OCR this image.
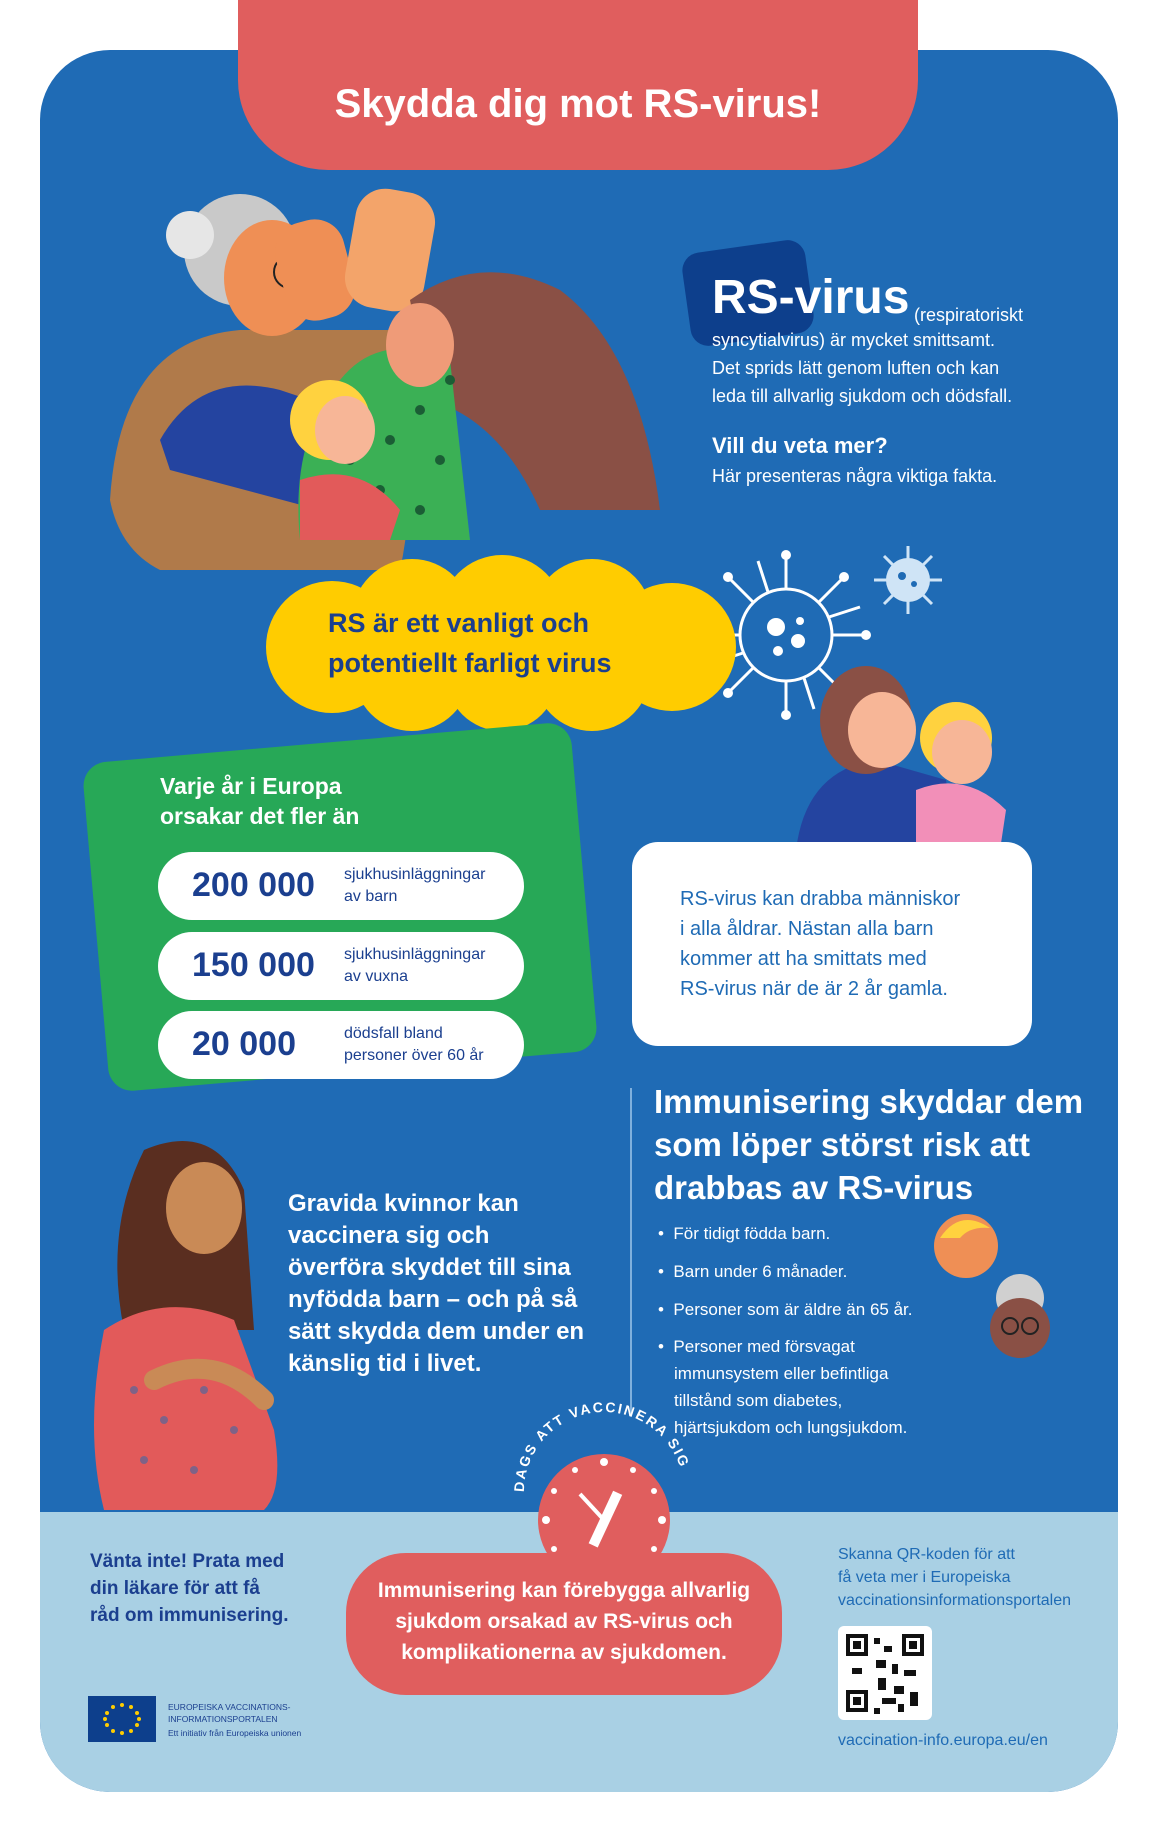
Skydda dig mot RS-virus!
RS-virus (respiratoriskt
syncytialvirus) är mycket smittsamt.
Det sprids lätt genom luften och kan
leda till allvarlig sjukdom och dödsfall.
Vill du veta mer?
Här presenteras några viktiga fakta.
RS är ett vanligt och
potentiellt farligt virus
Varje år i Europa
orsakar det fler än
200 000 sjukhusinläggningar
av barn
150 000 sjukhusinläggningar
av vuxna
20 000	dödsfall bland
personer över 60 år
RS-virus kan drabba människor
i alla åldrar. Nästan alla barn
kommer att ha smittats med
RS-virus när de är 2 år gamla.
Immunisering skyddar dem
som löper störst risk att
drabbas av RS-virus
•  För tidigt födda barn.
•  Barn under 6 månader.
•  Personer som är äldre än 65 år.
•  Personer med försvagat
immunsystem eller befintliga
tillstånd som diabetes,
hjärtsjukdom och lungsjukdom.
Gravida kvinnor kan
vaccinera sig och
överföra skyddet till sina
nyfödda barn – och på så
sätt skydda dem under en
känslig tid i livet.
Vänta inte! Prata med
din läkare för att få
råd om immunisering.
DAGS ATT VACCINERA SIG
Immunisering kan förebygga allvarlig
sjukdom orsakad av RS-virus och
komplikationerna av sjukdomen.
Skanna QR-koden för att
få veta mer i Europeiska
vaccinationsinformationsportalen
vaccination-info.europa.eu/en
EUROPEISKA VACCINATIONS-
INFORMATIONSPORTALEN
Ett initiativ från Europeiska unionen
